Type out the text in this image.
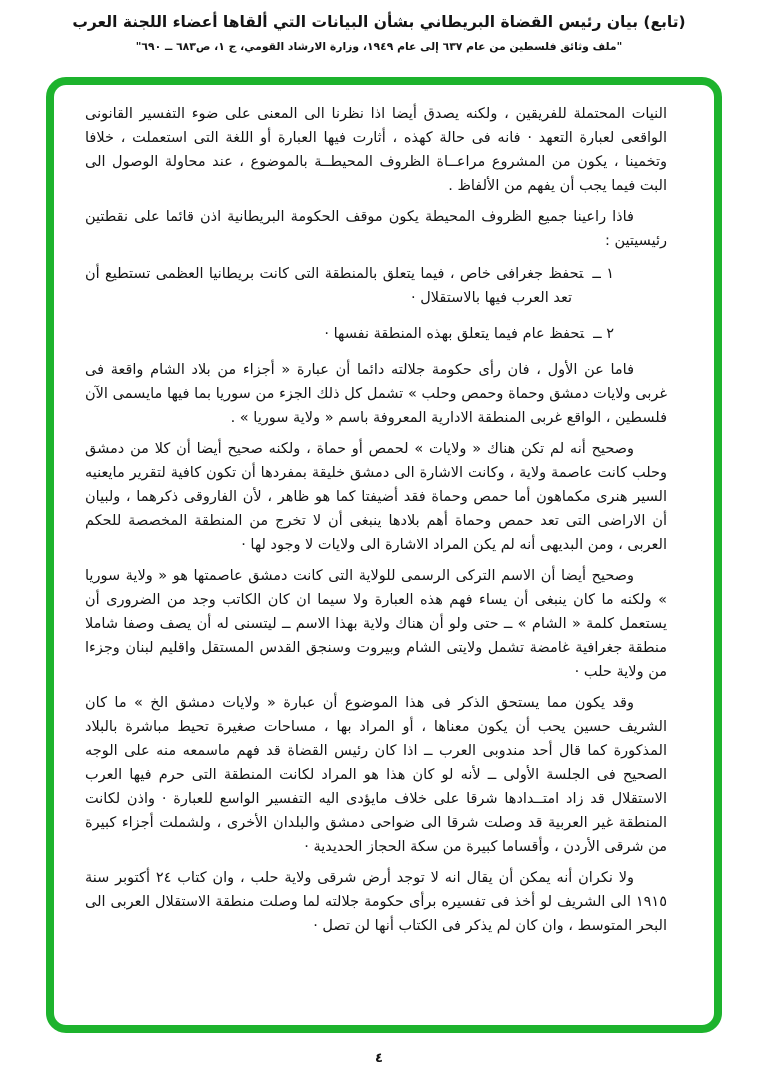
(تابع) بيان رئيس القضاة البريطاني بشأن البيانات التي ألقاها أعضاء اللجنة العرب
"ملف وثائق فلسطين من عام ٦٣٧ إلى عام ١٩٤٩، وزارة الارشاد القومي، ج ١، ص٦٨٣ ــ ٦٩٠"

النيات المحتملة للفريقين ، ولكنه يصدق أيضا اذا نظرنا الى المعنى على ضوء التفسير القانونى الواقعى لعبارة التعهد · فانه فى حالة كهذه ، أثارت فيها العبارة أو اللغة التى استعملت ، خلافا وتخمينا ، يكون من المشروع مراعــاة الظروف المحيطــة بالموضوع ، عند محاولة الوصول الى البت فيما يجب أن يفهم من الألفاظ .

فاذا راعينا جميع الظروف المحيطة يكون موقف الحكومة البريطانية اذن قائما على نقطتين رئيسيتين :

١ ــتحفظ جغرافى خاص ، فيما يتعلق بالمنطقة التى كانت بريطانيا العظمى تستطيع أن تعد العرب فيها بالاستقلال ·
٢ ــتحفظ عام فيما يتعلق بهذه المنطقة نفسها ·

فاما عن الأول ، فان رأى حكومة جلالته دائما أن عبارة « أجزاء من بلاد الشام واقعة فى غربى ولايات دمشق وحماة وحمص وحلب » تشمل كل ذلك الجزء من سوريا بما فيها مايسمى الآن فلسطين ، الواقع غربى المنطقة الادارية المعروفة باسم « ولاية سوريا » .

وصحيح أنه لم تكن هناك « ولايات » لحمص أو حماة ، ولكنه صحيح أيضا أن كلا من دمشق وحلب كانت عاصمة ولاية ، وكانت الاشارة الى دمشق خليقة بمفردها أن تكون كافية لتقرير مايعنيه السير هنرى مكماهون أما حمص وحماة فقد أضيفتا كما هو ظاهر ، لأن الفاروقى ذكرهما ، ولبيان أن الاراضى التى تعد حمص وحماة أهم بلادها ينبغى أن لا تخرج من المنطقة المخصصة للحكم العربى ، ومن البديهى أنه لم يكن المراد الاشارة الى ولايات لا وجود لها ·

وصحيح أيضا أن الاسم التركى الرسمى للولاية التى كانت دمشق عاصمتها هو « ولاية سوريا » ولكنه ما كان ينبغى أن يساء فهم هذه العبارة ولا سيما ان كان الكاتب وجد من الضرورى أن يستعمل كلمة « الشام » ــ حتى ولو أن هناك ولاية بهذا الاسم ــ ليتسنى له أن يصف وصفا شاملا منطقة جغرافية غامضة تشمل ولايتى الشام وبيروت وسنجق القدس المستقل واقليم لبنان وجزءا من ولاية حلب ·

وقد يكون مما يستحق الذكر فى هذا الموضوع أن عبارة « ولايات دمشق الخ » ما كان الشريف حسين يحب أن يكون معناها ، أو المراد بها ، مساحات صغيرة تحيط مباشرة بالبلاد المذكورة كما قال أحد مندوبى العرب ــ اذا كان رئيس القضاة قد فهم ماسمعه منه على الوجه الصحيح فى الجلسة الأولى ــ لأنه لو كان هذا هو المراد لكانت المنطقة التى حرم فيها العرب الاستقلال قد زاد امتــدادها شرقا على خلاف مايؤدى اليه التفسير الواسع للعبارة · واذن لكانت المنطقة غير العربية قد وصلت شرقا الى ضواحى دمشق والبلدان الأخرى ، ولشملت أجزاء كبيرة من شرقى الأردن ، وأقساما كبيرة من سكة الحجاز الحديدية ·

ولا نكران أنه يمكن أن يقال انه لا توجد أرض شرقى ولاية حلب ، وان كتاب ٢٤ أكتوبر سنة ١٩١٥ الى الشريف لو أخذ فى تفسيره برأى حكومة جلالته لما وصلت منطقة الاستقلال العربى الى البحر المتوسط ، وان كان لم يذكر فى الكتاب أنها لن تصل ·

٤
